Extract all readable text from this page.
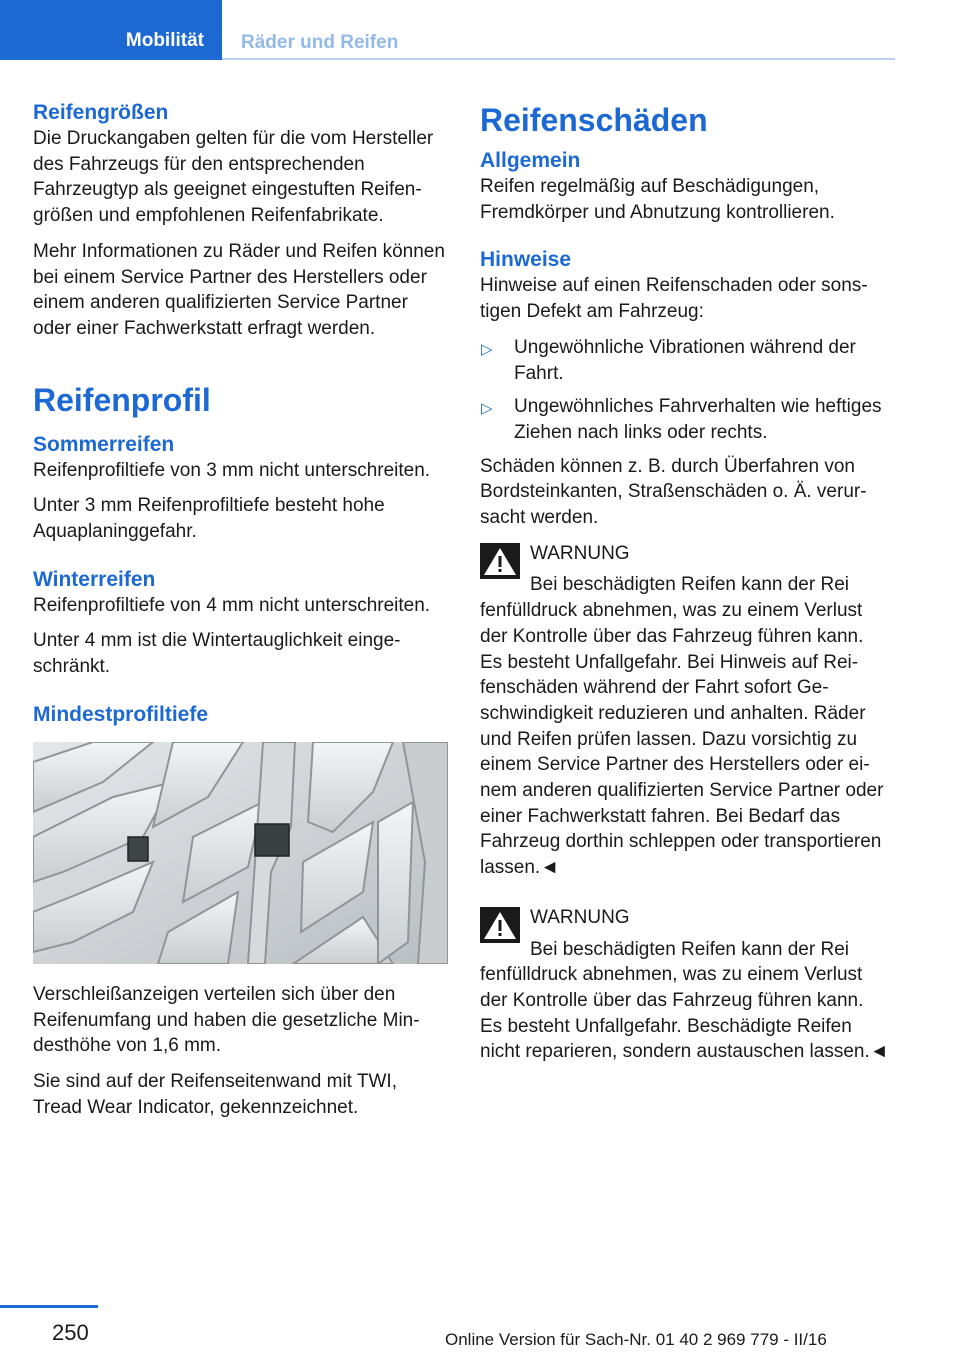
Mobilität Räder und Reifen
Reifengrößen

Die Druckangaben gelten für die vom Hersteller des Fahrzeugs für den entsprechenden Fahrzeugtyp als geeignet eingestuften Reifengrößen und empfohlenen Reifenfabrikate.

Mehr Informationen zu Räder und Reifen können bei einem Service Partner des Herstellers oder einem anderen qualifizierten Service Partner oder einer Fachwerkstatt erfragt werden.

Reifenprofil
Sommerreifen

Reifenprofiltiefe von 3 mm nicht unterschreiten.

Unter 3 mm Reifenprofiltiefe besteht hohe Aquaplaninggefahr.

Winterreifen

Reifenprofiltiefe von 4 mm nicht unterschreiten.

Unter 4 mm ist die Wintertauglichkeit eingeschränkt.

Mindestprofiltiefe

Verschleißanzeigen verteilen sich über den Reifenumfang und haben die gesetzliche Mindesthöhe von 1,6 mm.

Sie sind auf der Reifenseitenwand mit TWI, Tread Wear Indicator, gekennzeichnet.

Reifenschäden
Allgemein

Reifen regelmäßig auf Beschädigungen, Fremdkörper und Abnutzung kontrollieren.

Hinweise

Hinweise auf einen Reifenschaden oder sonstigen Defekt am Fahrzeug:

▷ Ungewöhnliche Vibrationen während der Fahrt.
▷ Ungewöhnliches Fahrverhalten wie heftiges Ziehen nach links oder rechts.

Schäden können z. B. durch Überfahren von Bordsteinkanten, Straßenschäden o. Ä. verursacht werden.

WARNUNG
Bei beschädigten Reifen kann der Rei
fenfülldruck abnehmen, was zu einem Verlust der Kontrolle über das Fahrzeug führen kann. Es besteht Unfallgefahr. Bei Hinweis auf Reifenschäden während der Fahrt sofort Geschwindigkeit reduzieren und anhalten. Räder und Reifen prüfen lassen. Dazu vorsichtig zu einem Service Partner des Herstellers oder einem anderen qualifizierten Service Partner oder einer Fachwerkstatt fahren. Bei Bedarf das Fahrzeug dorthin schleppen oder transportieren lassen.◄
WARNUNG
Bei beschädigten Reifen kann der Rei
fenfülldruck abnehmen, was zu einem Verlust der Kontrolle über das Fahrzeug führen kann. Es besteht Unfallgefahr. Beschädigte Reifen nicht reparieren, sondern austauschen lassen.◄
250	Online Version für Sach-Nr. 01 40 2 969 779 - II/16
